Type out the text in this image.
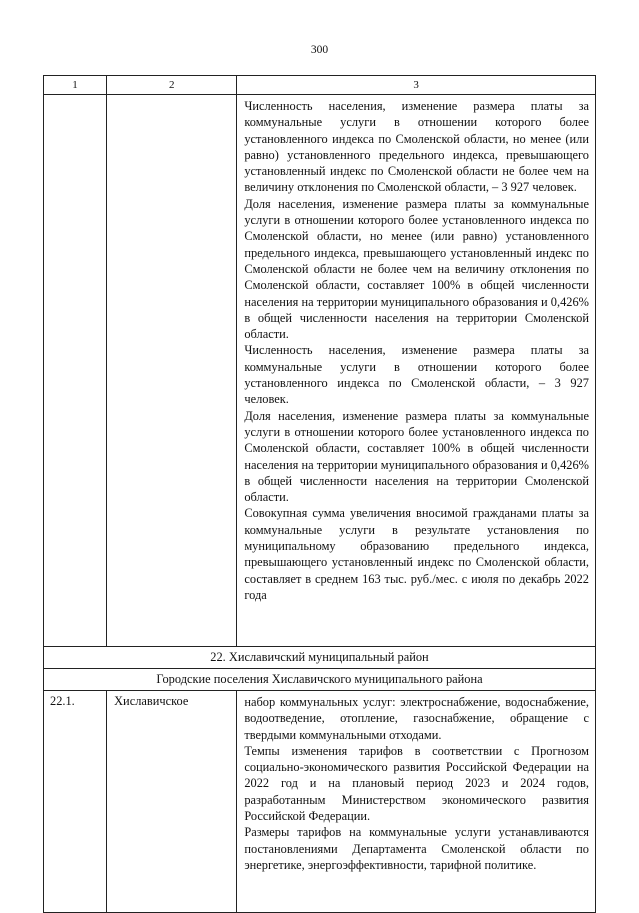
300
1	2	3

		Численность населения, изменение размера платы за коммунальные услуги в отношении которого более установленного индекса по Смоленской области, но менее (или равно) установленного предельного индекса, превышающего установленный индекс по Смоленской области не более чем на величину отклонения по Смоленской области, – 3 927 человек.

Доля населения, изменение размера платы за коммунальные услуги в отношении которого более установленного индекса по Смоленской области, но менее (или равно) установленного предельного индекса, превышающего установленный индекс по Смоленской области не более чем на величину отклонения по Смоленской области, составляет 100% в общей численности населения на территории муниципального образования и 0,426% в общей численности населения на территории Смоленской области.

Численность населения, изменение размера платы за коммунальные услуги в отношении которого более установленного индекса по Смоленской области, – 3 927 человек.

Доля населения, изменение размера платы за коммунальные услуги в отношении которого более установленного индекса по Смоленской области, составляет 100% в общей численности населения на территории муниципального образования и 0,426% в общей численности населения на территории Смоленской области.

Совокупная сумма увеличения вносимой гражданами платы за коммунальные услуги в результате установления по муниципальному образованию предельного индекса, превышающего установленный индекс по Смоленской области, составляет в среднем 163 тыс. руб./мес. с июля по декабрь 2022 года

22. Хиславичский муниципальный район		
Городские поселения Хиславичского муниципального района		
22.1.	Хиславичское	набор коммунальных услуг: электроснабжение, водоснабжение, водоотведение, отопление, газоснабжение, обращение с твердыми коммунальными отходами.

Темпы изменения тарифов в соответствии с Прогнозом социально-экономического развития Российской Федерации на 2022 год и на плановый период 2023 и 2024 годов, разработанным Министерством экономического развития Российской Федерации.

Размеры тарифов на коммунальные услуги устанавливаются постановлениями Департамента Смоленской области по энергетике, энергоэффективности, тарифной политике.
